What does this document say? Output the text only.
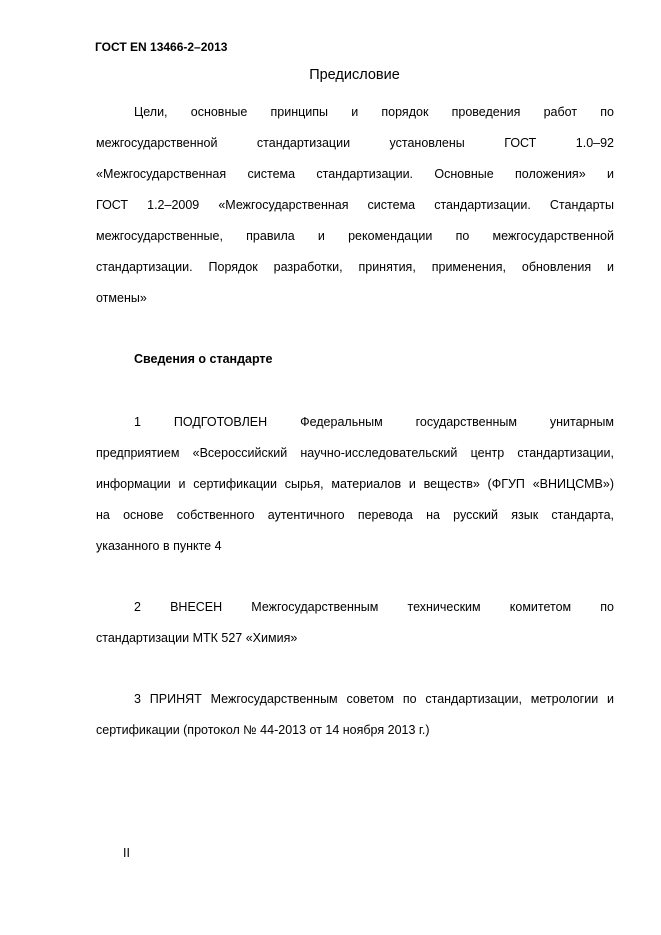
ГОСТ EN 13466-2–2013
Предисловие
Цели, основные принципы и порядок проведения работ по
межгосударственной стандартизации установлены ГОСТ 1.0–92
«Межгосударственная система стандартизации. Основные положения» и
ГОСТ 1.2–2009 «Межгосударственная система стандартизации. Стандарты
межгосударственные, правила и рекомендации по межгосударственной
стандартизации. Порядок разработки, принятия, применения, обновления и
отмены»
Сведения о стандарте
1 ПОДГОТОВЛЕН Федеральным государственным унитарным
предприятием «Всероссийский научно-исследовательский центр стандартизации,
информации и сертификации сырья, материалов и веществ» (ФГУП «ВНИЦСМВ»)
на основе собственного аутентичного перевода на русский язык стандарта,
указанного в пункте 4
2 ВНЕСЕН Межгосударственным техническим комитетом по
стандартизации МТК 527 «Химия»
3 ПРИНЯТ Межгосударственным советом по стандартизации, метрологии и
сертификации (протокол № 44-2013 от 14 ноября 2013 г.)
II
